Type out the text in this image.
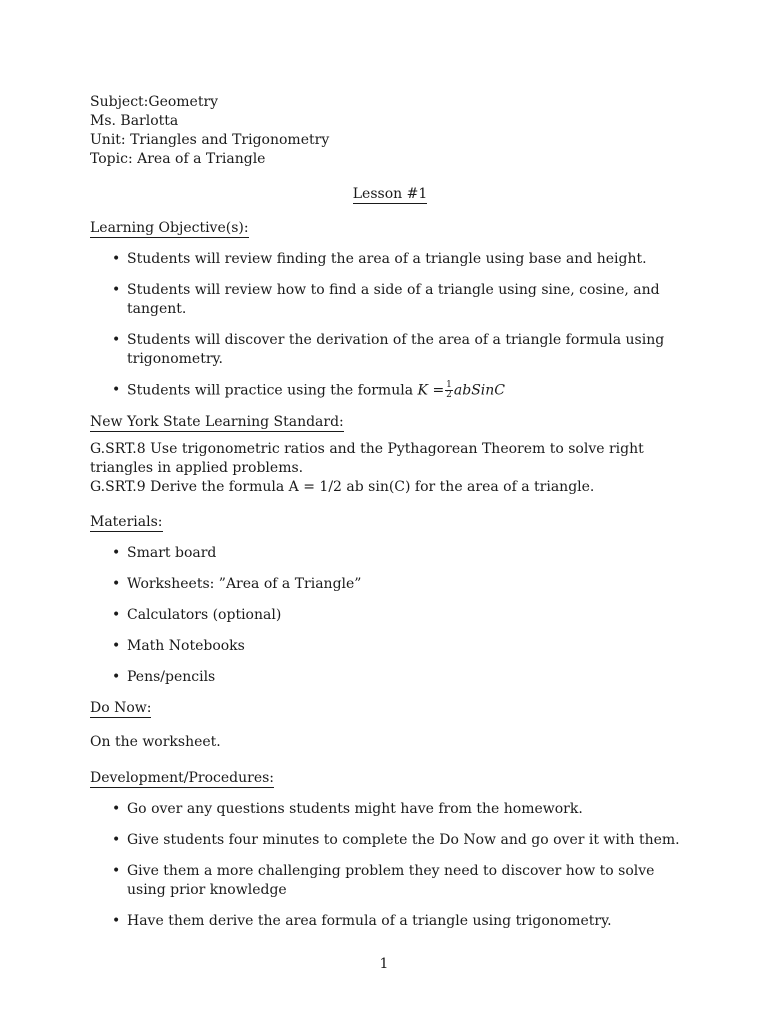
Subject:Geometry
Ms. Barlotta
Unit: Triangles and Trigonometry
Topic: Area of a Triangle
Lesson #1
Learning Objective(s):
• Students will review finding the area of a triangle using base and height.
• Students will review how to find a side of a triangle using sine, cosine, and tangent.
• Students will discover the derivation of the area of a triangle formula using trigonometry.
• Students will practice using the formula $K = \frac{1}{2}$ abSinC
New York State Learning Standard:
G.SRT.8 Use trigonometric ratios and the Pythagorean Theorem to solve right triangles in applied problems.
G.SRT.9 Derive the formula A = 1/2 ab sin(C) for the area of a triangle.
Materials:
• Smart board
• Worksheets: ”Area of a Triangle”
• Calculators (optional)
• Math Notebooks
• Pens/pencils
Do Now:
On the worksheet.
Development/Procedures:
• Go over any questions students might have from the homework.
• Give students four minutes to complete the Do Now and go over it with them.
• Give them a more challenging problem they need to discover how to solve using prior knowledge
• Have them derive the area formula of a triangle using trigonometry.
1
